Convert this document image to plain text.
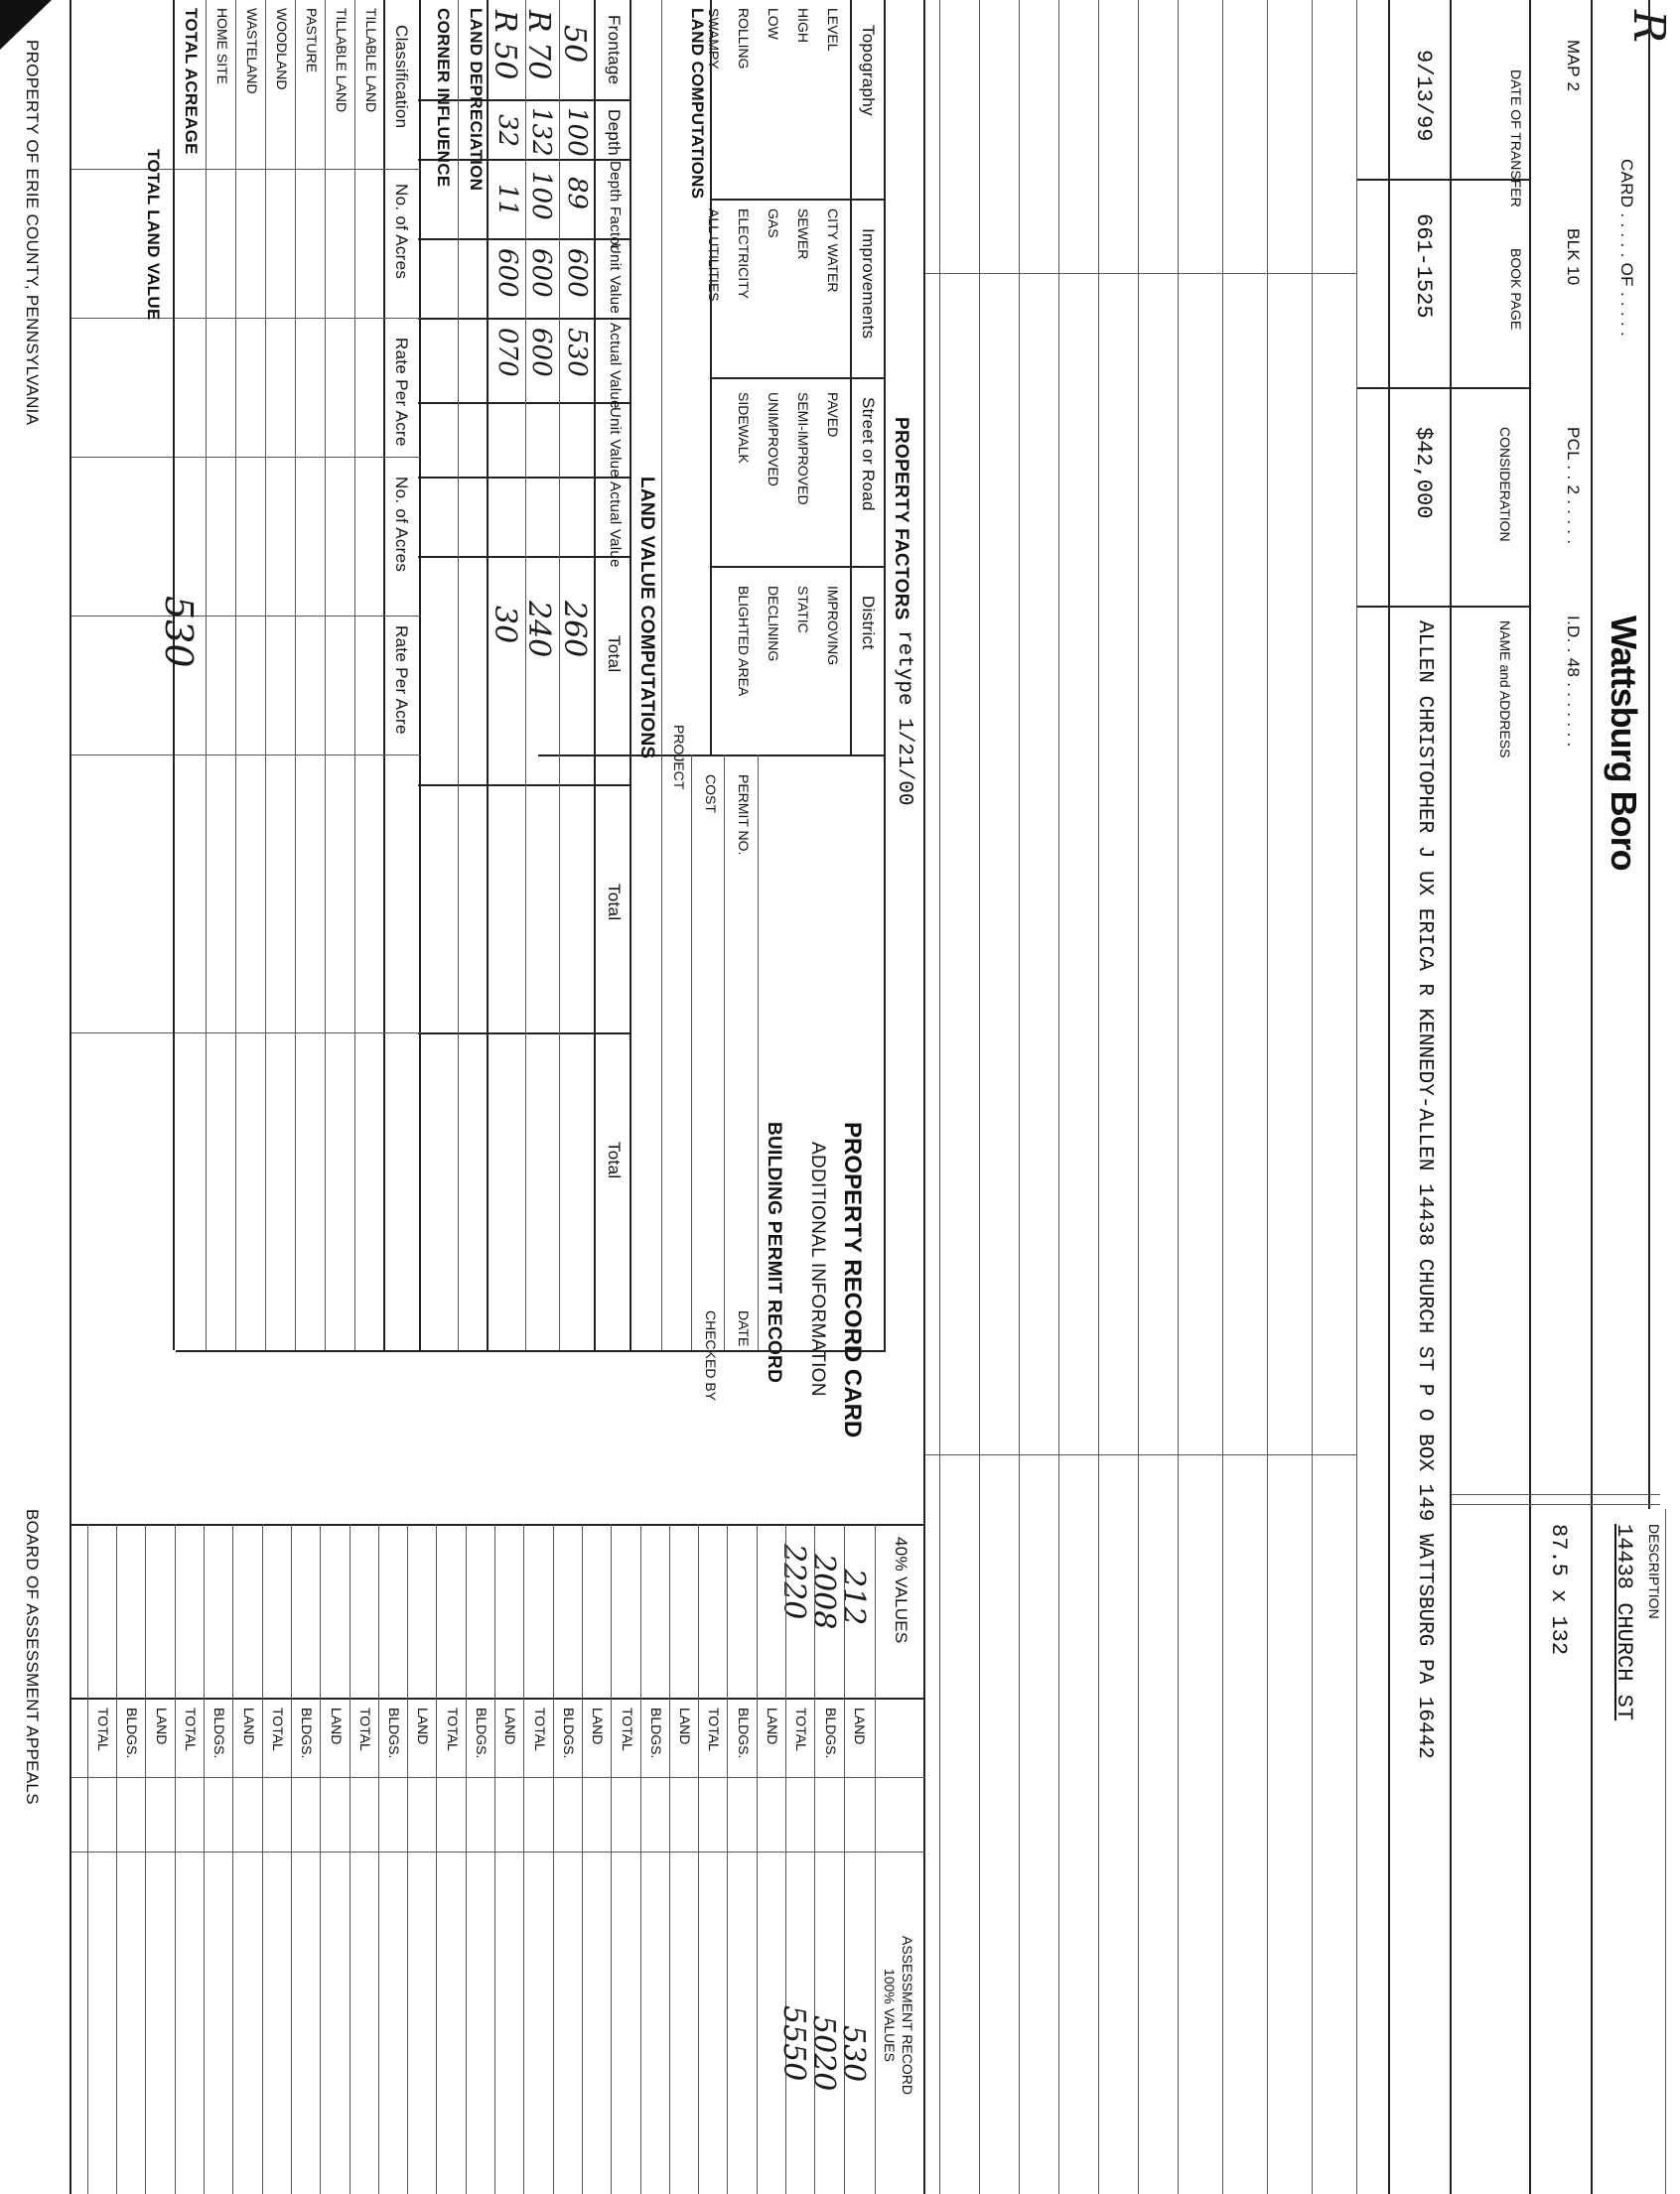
R
CARD . . . . . OF . . . . .
MAP 2
BLK 10
PCL . . 2 . . . . .
I.D. . 48 . . . . . . . Wattsburg Boro
DESCRIPTION
14438 CHURCH ST
87.5 x 132
DATE OF TRANSFER
BOOK PAGE
CONSIDERATION
NAME and ADDRESS
9/13/99
661-1525
$42,000
ALLEN CHRISTOPHER J UX ERICA R KENNEDY-ALLEN 14438 CHURCH ST P O BOX 149 WATTSBURG PA 16442
PROPERTY FACTORS
retype 1/21/00
Topography
Improvements
Street or Road
District
LEVEL
HIGH
LOW
ROLLING
SWAMPY
CITY WATER
SEWER
GAS
ELECTRICITY
ALL UTILITIES
PAVED
SEMI-IMPROVED
UNIMPROVED
SIDEWALK
IMPROVING
STATIC
DECLINING
BLIGHTED AREA
LAND COMPUTATIONS
PROPERTY RECORD CARD
ADDITIONAL INFORMATION
BUILDING PERMIT RECORD
PERMIT NO.
DATE
COST
CHECKED BY
PROJECT
LAND VALUE COMPUTATIONS
Frontage
Depth
Depth Factor
Unit Value
Actual Value
Unit Value
Actual Value
Total
Total
Total
50
100
89
600
530
260
R 70
132
100
600
600
240
R 50
32
11
600
070
30
LAND DEPRECIATION
CORNER INFLUENCE
Classification
No. of Acres
Rate Per Acre
No. of Acres
Rate Per Acre
TILLABLE LAND
TILLABLE LAND
PASTURE
WOODLAND
WASTELAND
HOME SITE
TOTAL ACREAGE
TOTAL LAND VALUE
530
40% VALUES
212
2008
2220
ASSESSMENT RECORD
100% VALUES
LAND
BLDGS.
TOTAL
LAND
BLDGS.
TOTAL
LAND
BLDGS.
TOTAL
LAND
BLDGS.
TOTAL
LAND
BLDGS.
TOTAL
LAND
BLDGS.
TOTAL
LAND
BLDGS.
TOTAL
LAND
BLDGS.
TOTAL
LAND
BLDGS.
TOTAL
530
5020
5550
PROPERTY OF ERIE COUNTY, PENNSYLVANIA
BOARD OF ASSESSMENT APPEALS
